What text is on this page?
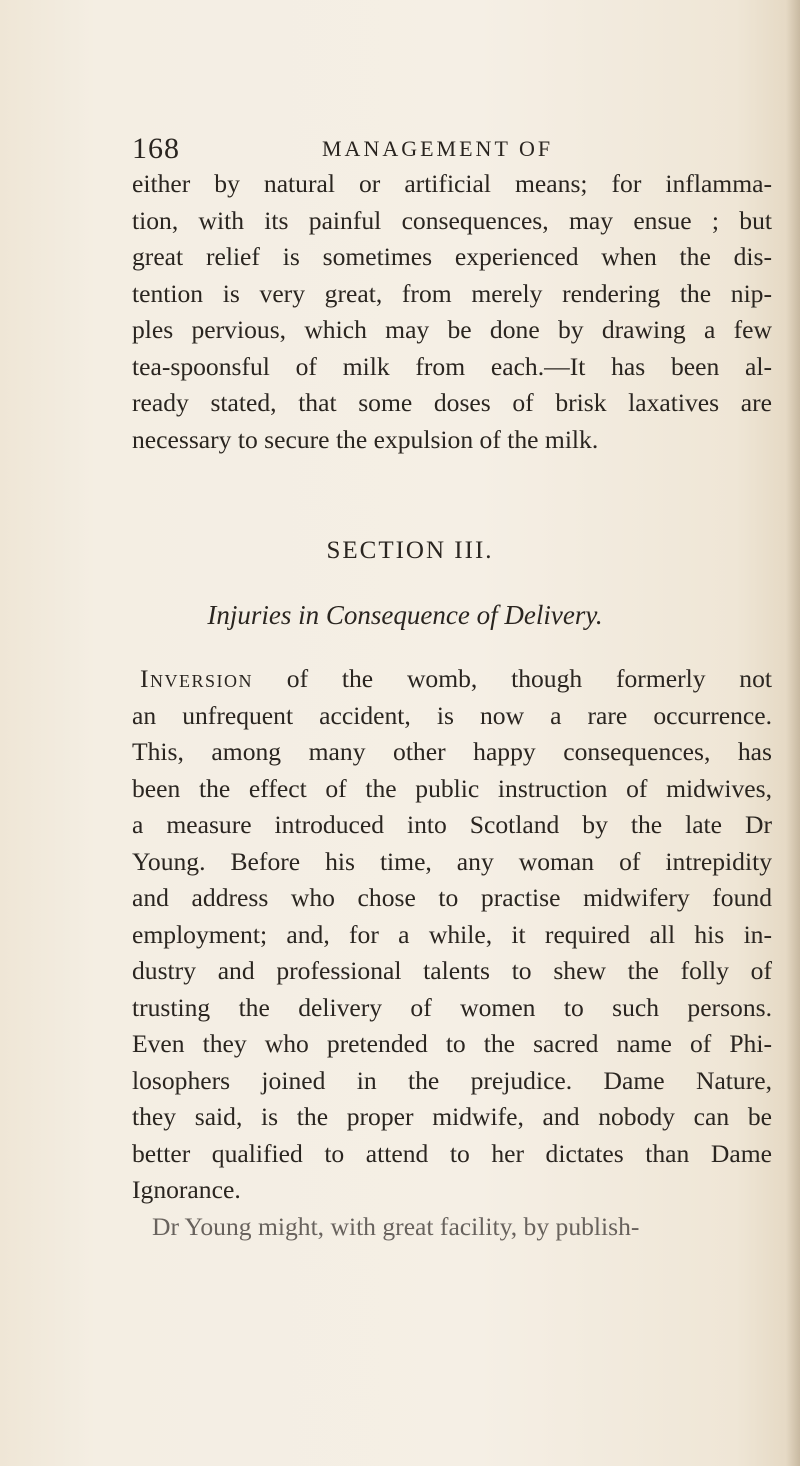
168	MANAGEMENT OF
either by natural or artificial means; for inflamma-
tion, with its painful consequences, may ensue ; but
great relief is sometimes experienced when the dis-
tention is very great, from merely rendering the nip-
ples pervious, which may be done by drawing a few
tea-spoonsful of milk from each.—It has been al-
ready stated, that some doses of brisk laxatives are
necessary to secure the expulsion of the milk.
SECTION III.
Injuries in Consequence of Delivery.
Inversion of the womb, though formerly not
an unfrequent accident, is now a rare occurrence.
This, among many other happy consequences, has
been the effect of the public instruction of midwives,
a measure introduced into Scotland by the late Dr
Young. Before his time, any woman of intrepidity
and address who chose to practise midwifery found
employment; and, for a while, it required all his in-
dustry and professional talents to shew the folly of
trusting the delivery of women to such persons.
Even they who pretended to the sacred name of Phi-
losophers joined in the prejudice. Dame Nature,
they said, is the proper midwife, and nobody can be
better qualified to attend to her dictates than Dame
Ignorance.
Dr Young might, with great facility, by publish-
